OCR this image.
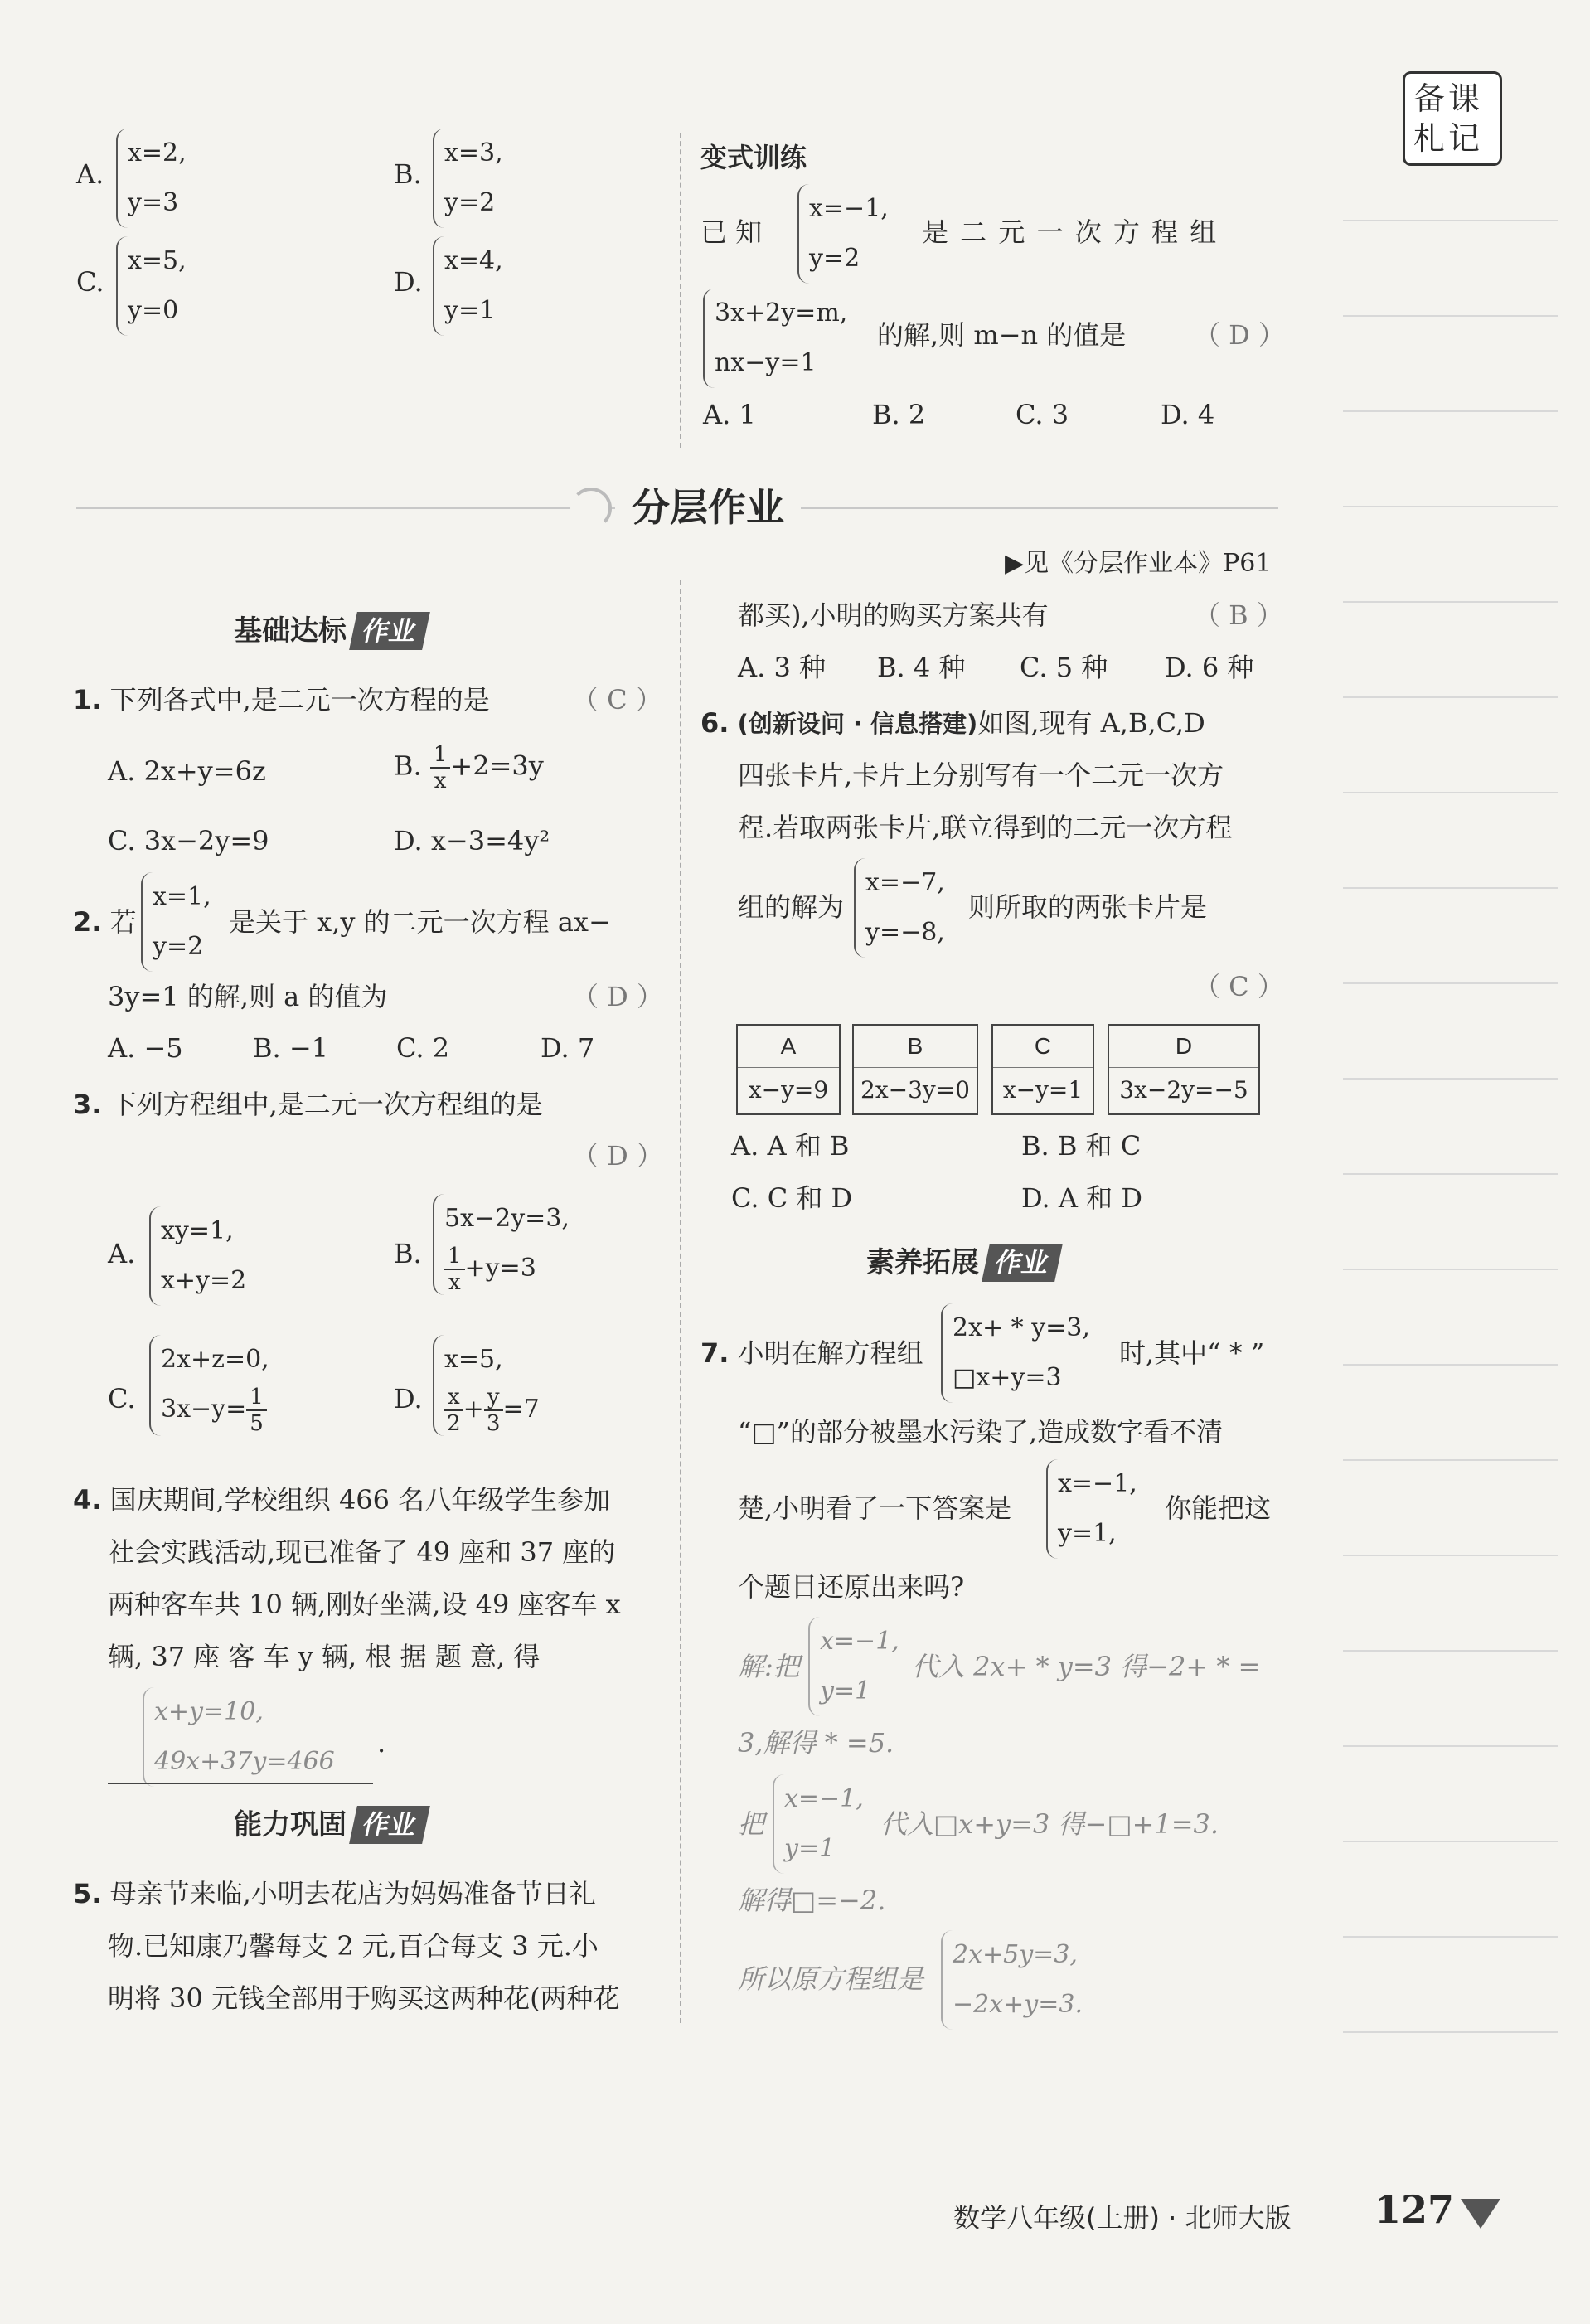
备课札记
A.
x=2,
y=3
B.
x=3,
y=2
C.
x=5,
y=0
D.
x=4,
y=1
变式训练
已 知
x=−1,
y=2
是 二 元 一 次 方 程 组
3x+2y=m,
nx−y=1
的解,则 m−n 的值是	（ D ）
A. 1	B. 2	C. 3	D. 4
分层作业
▶见《分层作业本》P61
基础达标 作业
1. 下列各式中,是二元一次方程的是	（ C ）
A. 2x+y=6z	B. $\frac{1}{x} +2=3y$
C. 3x−2y=9	D. x−3=4y²
2. 若
x=1,
y=2
是关于 x,y 的二元一次方程 ax−
3y=1 的解,则 a 的值为	（ D ）
A. −5	B. −1	C. 2	D. 7
3. 下列方程组中,是二元一次方程组的是
（ D ）
A.
xy=1,
x+y=2
B.
5x−2y=3,
$\frac{1}{x} +y=3$
C.
2x+z=0,
$3x-y= \frac{1}{5}$	D.
x=5,
$\frac{x}{2} + \frac{y}{3} =7$
4. 国庆期间,学校组织 466 名八年级学生参加
社会实践活动,现已准备了 49 座和 37 座的
两种客车共 10 辆,刚好坐满,设 49 座客车 x
辆, 37 座 客 车 y 辆, 根 据 题 意, 得
x+y=10,
49x+37y=466
.
能力巩固 作业
5. 母亲节来临,小明去花店为妈妈准备节日礼
物.已知康乃馨每支 2 元,百合每支 3 元.小
明将 30 元钱全部用于购买这两种花(两种花
都买),小明的购买方案共有	（ B ）
A. 3 种 B. 4 种 C. 5 种 D. 6 种
6. (创新设问 · 信息搭建)如图,现有 A,B,C,D
四张卡片,卡片上分别写有一个二元一次方
程.若取两张卡片,联立得到的二元一次方程
组的解为
x=−7,
y=−8,
则所取的两张卡片是
（ C ）
A
x−y=9
B
2x−3y=0
C
x−y=1
D
3x−2y=−5
A. A 和 B	B. B 和 C
C. C 和 D	D. A 和 D
素养拓展 作业
7. 小明在解方程组
2x+ * y=3,
□x+y=3
时,其中“ * ”
“□”的部分被墨水污染了,造成数字看不清
楚,小明看了一下答案是
x=−1,
y=1,
你能把这
个题目还原出来吗?
解:把
x=−1,
y=1
代入 2x+ * y=3 得−2+ * =
3,解得 * =5.
把
x=−1,
y=1
代入□x+y=3 得−□+1=3.
解得□=−2.
所以原方程组是
2x+5y=3,
−2x+y=3.
数学八年级(上册) · 北师大版 127
